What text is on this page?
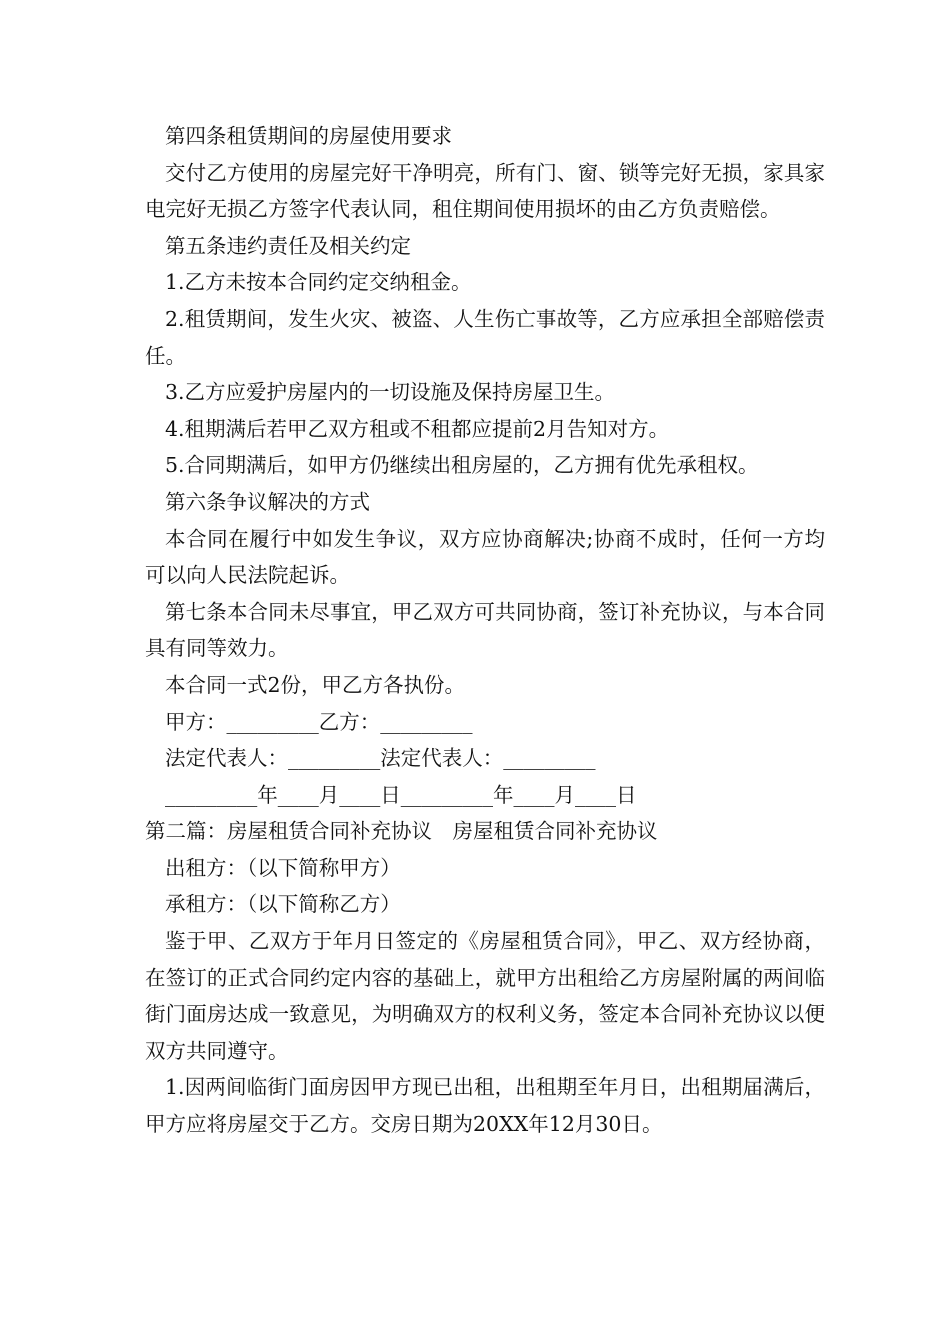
第四条租赁期间的房屋使用要求

交付乙方使用的房屋完好干净明亮，所有门、窗、锁等完好无损，家具家电完好无损乙方签字代表认同，租住期间使用损坏的由乙方负责赔偿。

第五条违约责任及相关约定

1.乙方未按本合同约定交纳租金。

2.租赁期间，发生火灾、被盗、人生伤亡事故等，乙方应承担全部赔偿责任。

3.乙方应爱护房屋内的一切设施及保持房屋卫生。

4.租期满后若甲乙双方租或不租都应提前2月告知对方。

5.合同期满后，如甲方仍继续出租房屋的，乙方拥有优先承租权。

第六条争议解决的方式

本合同在履行中如发生争议，双方应协商解决;协商不成时，任何一方均可以向人民法院起诉。

第七条本合同未尽事宜，甲乙双方可共同协商，签订补充协议，与本合同具有同等效力。

本合同一式2份，甲乙方各执份。

甲方：_________乙方：_________

法定代表人：_________法定代表人：_________

_________年____月____日_________年____月____日

第二篇：房屋租赁合同补充协议　房屋租赁合同补充协议

出租方：（以下简称甲方）

承租方：（以下简称乙方）

鉴于甲、乙双方于年月日签定的《房屋租赁合同》，甲乙、双方经协商，在签订的正式合同约定内容的基础上，就甲方出租给乙方房屋附属的两间临街门面房达成一致意见，为明确双方的权利义务，签定本合同补充协议以便双方共同遵守。

1.因两间临街门面房因甲方现已出租，出租期至年月日，出租期届满后，甲方应将房屋交于乙方。交房日期为20XX年12月30日。
